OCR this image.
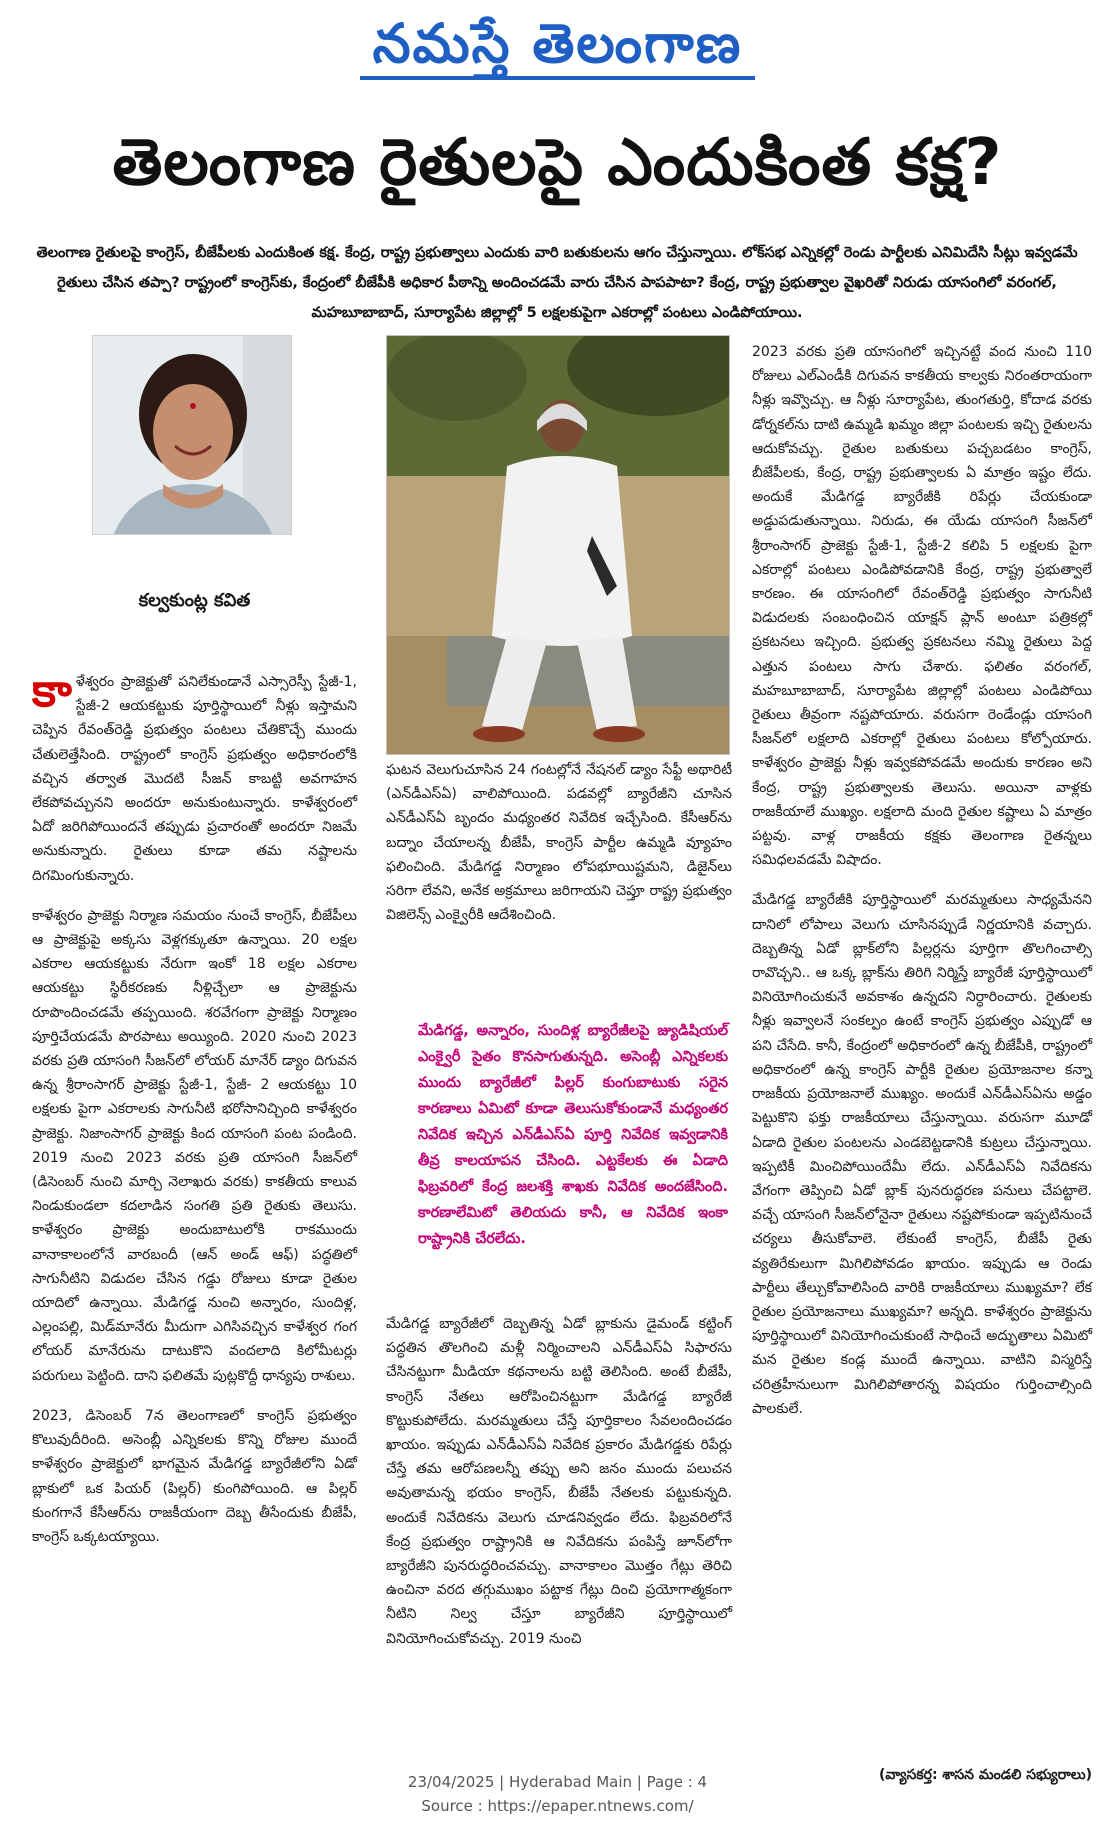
నమస్తే తెలంగాణ
తెలంగాణ రైతులపై ఎందుకింత కక్ష?

తెలంగాణ రైతులపై కాంగ్రెస్, బీజేపీలకు ఎందుకింత కక్ష. కేంద్ర, రాష్ట్ర ప్రభుత్వాలు ఎందుకు వారి బతుకులను ఆగం చేస్తున్నాయి. లోక్‌సభ ఎన్నికల్లో రెండు పార్టీలకు ఎనిమిదేసి సీట్లు ఇవ్వడమే రైతులు చేసిన తప్పా? రాష్ట్రంలో కాంగ్రెస్‌కు, కేంద్రంలో బీజేపీకి అధికార పీఠాన్ని అందించడమే వారు చేసిన పాపపాటా? కేంద్ర, రాష్ట్ర ప్రభుత్వాల వైఖరితో నిరుడు యాసంగిలో వరంగల్, మహబూబాబాద్, సూర్యాపేట జిల్లాల్లో 5 లక్షలకుపైగా ఎకరాల్లో పంటలు ఎండిపోయాయి.

కల్వకుంట్ల కవిత

కా ళేశ్వరం ప్రాజెక్టుతో పనిలేకుండానే ఎస్సారెస్పీ స్టేజీ-1, స్టేజీ-2 ఆయకట్టుకు పూర్తిస్థాయిలో నీళ్లు ఇస్తామని చెప్పిన రేవంత్‌రెడ్డి ప్రభుత్వం పంటలు చేతికొచ్చే ముందు చేతులెత్తేసింది. రాష్ట్రంలో కాంగ్రెస్ ప్రభుత్వం అధికారంలోకి వచ్చిన తర్వాత మొదటి సీజన్ కాబట్టి అవగాహన లేకపోవచ్చునని అందరూ అనుకుంటున్నారు. కాళేశ్వరంలో ఏదో జరిగిపోయిందనే తప్పుడు ప్రచారంతో అందరూ నిజమే అనుకున్నారు. రైతులు కూడా తమ నష్టాలను దిగమింగుకున్నారు.

కాళేశ్వరం ప్రాజెక్టు నిర్మాణ సమయం నుంచే కాంగ్రెస్, బీజేపీలు ఆ ప్రాజెక్టుపై అక్కసు వెళ్లగక్కుతూ ఉన్నాయి. 20 లక్షల ఎకరాల ఆయకట్టుకు నేరుగా ఇంకో 18 లక్షల ఎకరాల ఆయకట్టు స్థిరీకరణకు నీళ్లిచ్చేలా ఆ ప్రాజెక్టును రూపొందించడమే తప్పయింది. శరవేగంగా ప్రాజెక్టు నిర్మాణం పూర్తిచేయడమే పొరపాటు అయ్యింది. 2020 నుంచి 2023 వరకు ప్రతి యాసంగి సీజన్‌లో లోయర్ మానేర్ డ్యాం దిగువన ఉన్న శ్రీరాంసాగర్ ప్రాజెక్టు స్టేజీ-1, స్టేజీ- 2 ఆయకట్టు 10 లక్షలకు పైగా ఎకరాలకు సాగునీటి భరోసానిచ్చింది కాళేశ్వరం ప్రాజెక్టు. నిజాంసాగర్ ప్రాజెక్టు కింద యాసంగి పంట పండింది. 2019 నుంచి 2023 వరకు ప్రతి యాసంగి సీజన్‌లో (డిసెంబర్ నుంచి మార్చి నెలాఖరు వరకు) కాకతీయ కాలువ నిండుకుండలా కదలాడిన సంగతి ప్రతి రైతుకు తెలుసు. కాళేశ్వరం ప్రాజెక్టు అందుబాటులోకి రాకముందు వానాకాలంలోనే వారబందీ (ఆన్ అండ్ ఆఫ్) పద్ధతిలో సాగునీటిని విడుదల చేసిన గడ్డు రోజులు కూడా రైతుల యాదిలో ఉన్నాయి. మేడిగడ్డ నుంచి అన్నారం, సుందిళ్ల, ఎల్లంపల్లి, మిడ్‌మానేరు మీదుగా ఎగిసివచ్చిన కాళేశ్వర గంగ లోయర్ మానేరును దాటుకొని వందలాది కిలోమీటర్లు పరుగులు పెట్టింది. దాని ఫలితమే పుట్లకొద్దీ ధాన్యపు రాశులు.

2023, డిసెంబర్ 7న తెలంగాణలో కాంగ్రెస్ ప్రభుత్వం కొలువుదీరింది. అసెంబ్లీ ఎన్నికలకు కొన్ని రోజుల ముందే కాళేశ్వరం ప్రాజెక్టులో భాగమైన మేడిగడ్డ బ్యారేజీలోని ఏడో బ్లాకులో ఒక పియర్ (పిల్లర్) కుంగిపోయింది. ఆ పిల్లర్ కుంగగానే కేసీఆర్‌ను రాజకీయంగా దెబ్బ తీసేందుకు బీజేపీ, కాంగ్రెస్ ఒక్కటయ్యాయి.

ఘటన వెలుగుచూసిన 24 గంటల్లోనే నేషనల్ డ్యాం సేఫ్టీ అథారిటీ (ఎన్‌డీఎస్‌ఏ) వాలిపోయింది. పడవల్లో బ్యారేజీని చూసిన ఎన్‌డీఎస్‌ఏ బృందం మధ్యంతర నివేదిక ఇచ్చేసింది. కేసీఆర్‌ను బద్నాం చేయాలన్న బీజేపీ, కాంగ్రెస్ పార్టీల ఉమ్మడి వ్యూహం ఫలించింది. మేడిగడ్డ నిర్మాణం లోపభూయిష్టమని, డిజైన్‌లు సరిగా లేవని, అనేక అక్రమాలు జరిగాయని చెప్తూ రాష్ట్ర ప్రభుత్వం విజిలెన్స్ ఎంక్వైరీకి ఆదేశించింది.

మేడిగడ్డ, అన్నారం, సుందిళ్ల బ్యారేజీలపై జ్యుడిషియల్ ఎంక్వైరీ సైతం కొనసాగుతున్నది. అసెంబ్లీ ఎన్నికలకు ముందు బ్యారేజీలో పిల్లర్ కుంగుబాటుకు సరైన కారణాలు ఏమిటో కూడా తెలుసుకోకుండానే మధ్యంతర నివేదిక ఇచ్చిన ఎన్‌డీఎస్‌ఏ పూర్తి నివేదిక ఇవ్వడానికి తీవ్ర కాలయాపన చేసింది. ఎట్టకేలకు ఈ ఏడాది ఫిబ్రవరిలో కేంద్ర జలశక్తి శాఖకు నివేదిక అందజేసింది. కారణాలేమిటో తెలియదు కానీ, ఆ నివేదిక ఇంకా రాష్ట్రానికి చేరలేదు.

మేడిగడ్డ బ్యారేజీలో దెబ్బతిన్న ఏడో బ్లాకును డైమండ్ కట్టింగ్ పద్ధతిన తొలగించి మళ్లీ నిర్మించాలని ఎన్‌డీఎస్‌ఏ సిఫారసు చేసినట్టుగా మీడియా కథనాలను బట్టి తెలిసింది. అంటే బీజేపీ, కాంగ్రెస్ నేతలు ఆరోపించినట్టుగా మేడిగడ్డ బ్యారేజీ కొట్టుకుపోలేదు. మరమ్మతులు చేస్తే పూర్తికాలం సేవలందించడం ఖాయం. ఇప్పుడు ఎన్‌డీఎస్‌ఏ నివేదిక ప్రకారం మేడిగడ్డకు రిపేర్లు చేస్తే తమ ఆరోపణలన్నీ తప్పు అని జనం ముందు పలుచన అవుతామన్న భయం కాంగ్రెస్, బీజేపీ నేతలకు పట్టుకున్నది. అందుకే నివేదికను వెలుగు చూడనివ్వడం లేదు. ఫిబ్రవరిలోనే కేంద్ర ప్రభుత్వం రాష్ట్రానికి ఆ నివేదికను పంపిస్తే జూన్‌లోగా బ్యారేజీని పునరుద్ధరించవచ్చు. వానాకాలం మొత్తం గేట్లు తెరిచి ఉంచినా వరద తగ్గుముఖం పట్టాక గేట్లు దించి ప్రయోగాత్మకంగా నీటిని నిల్వ చేస్తూ బ్యారేజీని పూర్తిస్థాయిలో వినియోగించుకోవచ్చు. 2019 నుంచి

2023 వరకు ప్రతి యాసంగిలో ఇచ్చినట్టే వంద నుంచి 110 రోజులు ఎల్‌ఎండీకి దిగువన కాకతీయ కాల్వకు నిరంతరాయంగా నీళ్లు ఇవ్వొచ్చు. ఆ నీళ్లు సూర్యాపేట, తుంగతుర్తి, కోదాడ వరకు డోర్నకల్‌ను దాటి ఉమ్మడి ఖమ్మం జిల్లా పంటలకు ఇచ్చి రైతులను ఆదుకోవచ్చు. రైతుల బతుకులు పచ్చబడటం కాంగ్రెస్, బీజేపీలకు, కేంద్ర, రాష్ట్ర ప్రభుత్వాలకు ఏ మాత్రం ఇష్టం లేదు. అందుకే మేడిగడ్డ బ్యారేజీకి రిపేర్లు చేయకుండా అడ్డుపడుతున్నాయి. నిరుడు, ఈ యేడు యాసంగి సీజన్‌లో శ్రీరాంసాగర్ ప్రాజెక్టు స్టేజీ-1, స్టేజీ-2 కలిపి 5 లక్షలకు పైగా ఎకరాల్లో పంటలు ఎండిపోవడానికి కేంద్ర, రాష్ట్ర ప్రభుత్వాలే కారణం. ఈ యాసంగిలో రేవంత్‌రెడ్డి ప్రభుత్వం సాగునీటి విడుదలకు సంబంధించిన యాక్షన్ ప్లాన్ అంటూ పత్రికల్లో ప్రకటనలు ఇచ్చింది. ప్రభుత్వ ప్రకటనలు నమ్మి రైతులు పెద్ద ఎత్తున పంటలు సాగు చేశారు. ఫలితం వరంగల్, మహబూబాబాద్, సూర్యాపేట జిల్లాల్లో పంటలు ఎండిపోయి రైతులు తీవ్రంగా నష్టపోయారు. వరుసగా రెండేండ్లు యాసంగి సీజన్‌లో లక్షలాది ఎకరాల్లో రైతులు పంటలు కోల్పోయారు. కాళేశ్వరం ప్రాజెక్టు నీళ్లు ఇవ్వకపోవడమే అందుకు కారణం అని కేంద్ర, రాష్ట్ర ప్రభుత్వాలకు తెలుసు. అయినా వాళ్లకు రాజకీయాలే ముఖ్యం. లక్షలాది మంది రైతుల కష్టాలు ఏ మాత్రం పట్టవు. వాళ్ల రాజకీయ కక్షకు తెలంగాణ రైతన్నలు సమిధలవడమే విషాదం.

మేడిగడ్డ బ్యారేజీకి పూర్తిస్థాయిలో మరమ్మతులు సాధ్యమేనని దానిలో లోపాలు వెలుగు చూసినప్పుడే నిర్ణయానికి వచ్చారు. దెబ్బతిన్న ఏడో బ్లాక్‌లోని పిల్లర్లను పూర్తిగా తొలగించాల్సి రావొచ్చని.. ఆ ఒక్క బ్లాక్‌ను తిరిగి నిర్మిస్తే బ్యారేజీ పూర్తిస్థాయిలో వినియోగించుకునే అవకాశం ఉన్నదని నిర్ధారించారు. రైతులకు నీళ్లు ఇవ్వాలనే సంకల్పం ఉంటే కాంగ్రెస్ ప్రభుత్వం ఎప్పుడో ఆ పని చేసేది. కానీ, కేంద్రంలో అధికారంలో ఉన్న బీజేపీకి, రాష్ట్రంలో అధికారంలో ఉన్న కాంగ్రెస్ పార్టీకి రైతుల ప్రయోజనాల కన్నా రాజకీయ ప్రయోజనాలే ముఖ్యం. అందుకే ఎన్‌డీఎస్‌ఏను అడ్డం పెట్టుకొని ఫక్తు రాజకీయాలు చేస్తున్నాయి. వరుసగా మూడో ఏడాది రైతుల పంటలను ఎండబెట్టడానికి కుట్రలు చేస్తున్నాయి. ఇప్పటికీ మించిపోయిందేమీ లేదు. ఎన్‌డీఎస్‌ఏ నివేదికను వేగంగా తెప్పించి ఏడో బ్లాక్ పునరుద్ధరణ పనులు చేపట్టాలె. వచ్చే యాసంగి సీజన్‌లోనైనా రైతులు నష్టపోకుండా ఇప్పటినుంచే చర్యలు తీసుకోవాలె. లేకుంటే కాంగ్రెస్, బీజేపీ రైతు వ్యతిరేకులుగా మిగిలిపోవడం ఖాయం. ఇప్పుడు ఆ రెండు పార్టీలు తేల్చుకోవాలిసింది వారికి రాజకీయాలు ముఖ్యమా? లేక రైతుల ప్రయోజనాలు ముఖ్యమా? అన్నది. కాళేశ్వరం ప్రాజెక్టును పూర్తిస్థాయిలో వినియోగించుకుంటే సాధించే అద్భుతాలు ఏమిటో మన రైతుల కండ్ల ముందే ఉన్నాయి. వాటిని విస్మరిస్తే చరిత్రహీనులుగా మిగిలిపోతారన్న విషయం గుర్తించాల్సింది పాలకులే.

(వ్యాసకర్త: శాసన మండలి సభ్యురాలు)
23/04/2025 | Hyderabad Main | Page : 4
Source : https://epaper.ntnews.com/
